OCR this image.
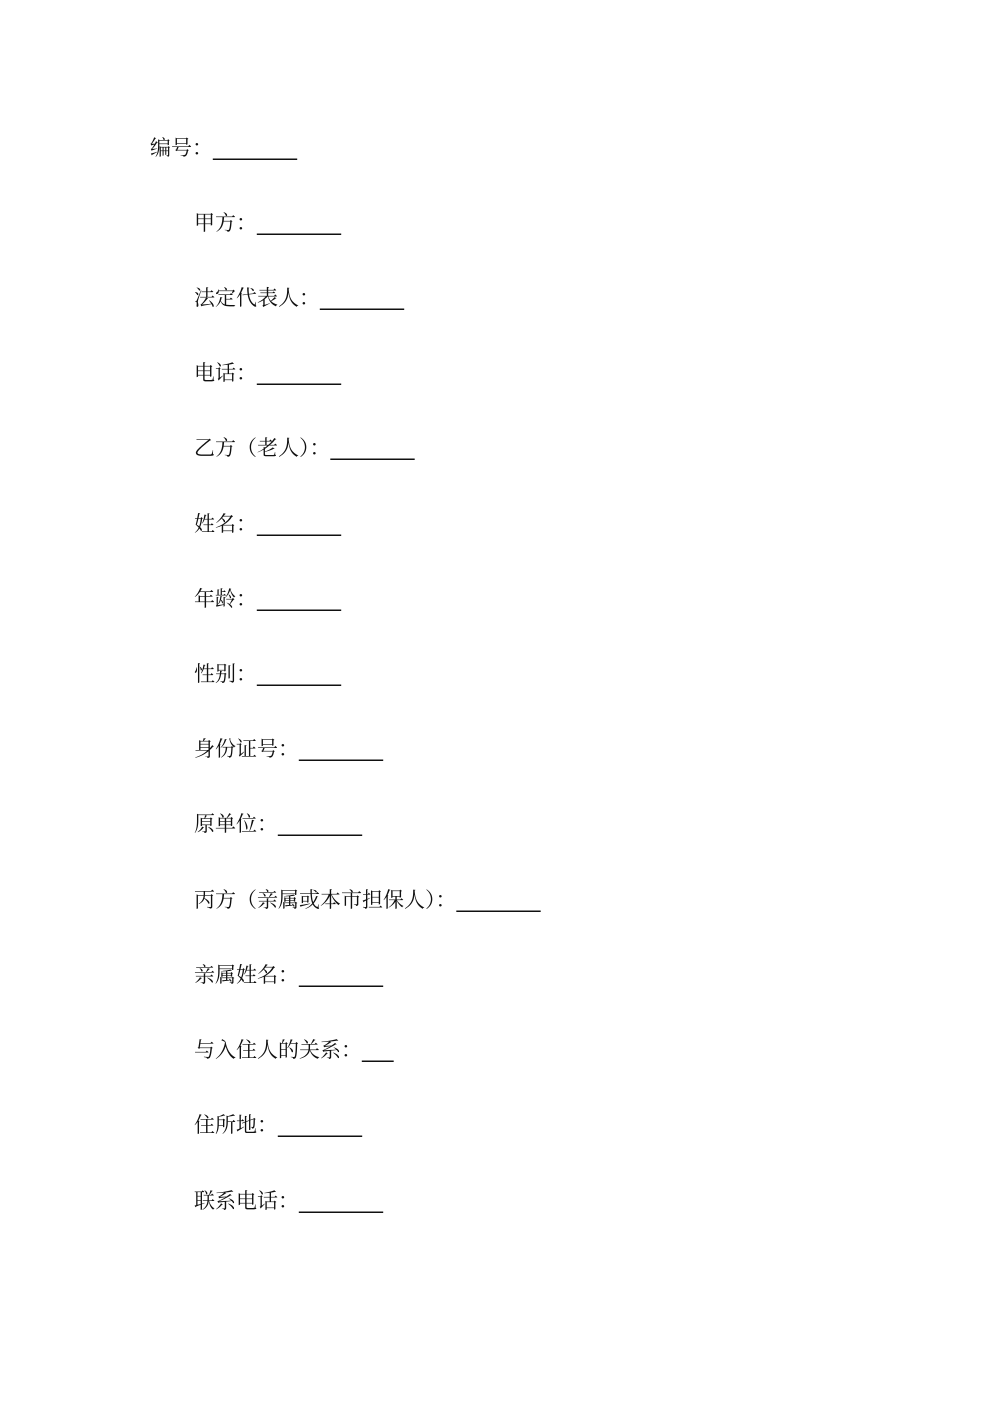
编号：________
甲方：________
法定代表人：________
电话：________
乙方（老人）：________
姓名：________
年龄：________
性别：________
身份证号：________
原单位：________
丙方（亲属或本市担保人）：________
亲属姓名：________
与入住人的关系：___
住所地：________
联系电话：________
